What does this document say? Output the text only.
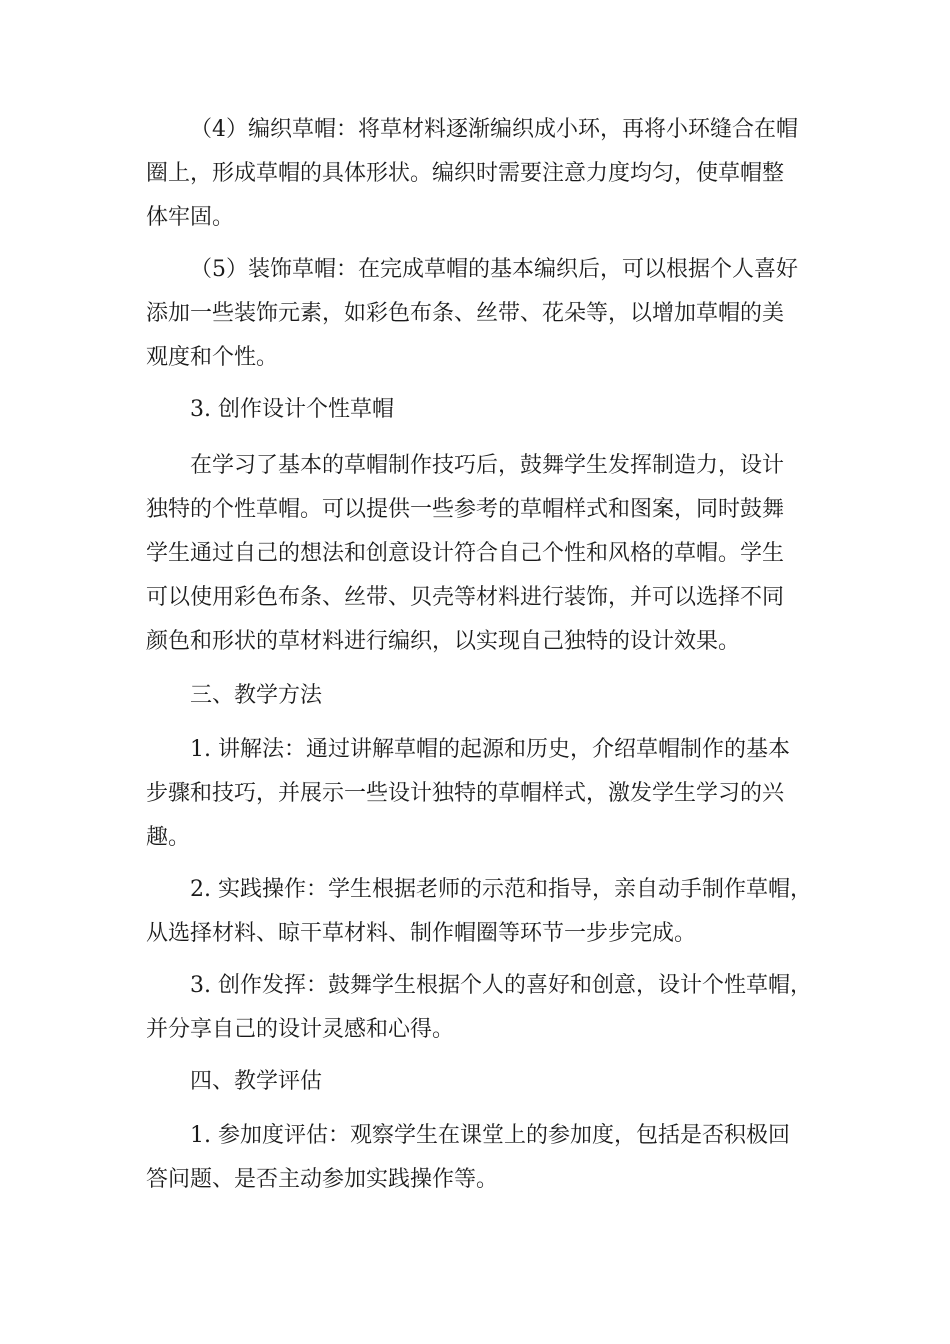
（4）编织草帽：将草材料逐渐编织成小环，再将小环缝合在帽
圈上，形成草帽的具体形状。编织时需要注意力度均匀，使草帽整
体牢固。
（5）装饰草帽：在完成草帽的基本编织后，可以根据个人喜好
添加一些装饰元素，如彩色布条、丝带、花朵等，以增加草帽的美
观度和个性。
3. 创作设计个性草帽
在学习了基本的草帽制作技巧后，鼓舞学生发挥制造力，设计
独特的个性草帽。可以提供一些参考的草帽样式和图案，同时鼓舞
学生通过自己的想法和创意设计符合自己个性和风格的草帽。学生
可以使用彩色布条、丝带、贝壳等材料进行装饰，并可以选择不同
颜色和形状的草材料进行编织，以实现自己独特的设计效果。
三、教学方法
1. 讲解法：通过讲解草帽的起源和历史，介绍草帽制作的基本
步骤和技巧，并展示一些设计独特的草帽样式，激发学生学习的兴
趣。
2. 实践操作：学生根据老师的示范和指导，亲自动手制作草帽，
从选择材料、晾干草材料、制作帽圈等环节一步步完成。
3. 创作发挥：鼓舞学生根据个人的喜好和创意，设计个性草帽，
并分享自己的设计灵感和心得。
四、教学评估
1. 参加度评估：观察学生在课堂上的参加度，包括是否积极回
答问题、是否主动参加实践操作等。
